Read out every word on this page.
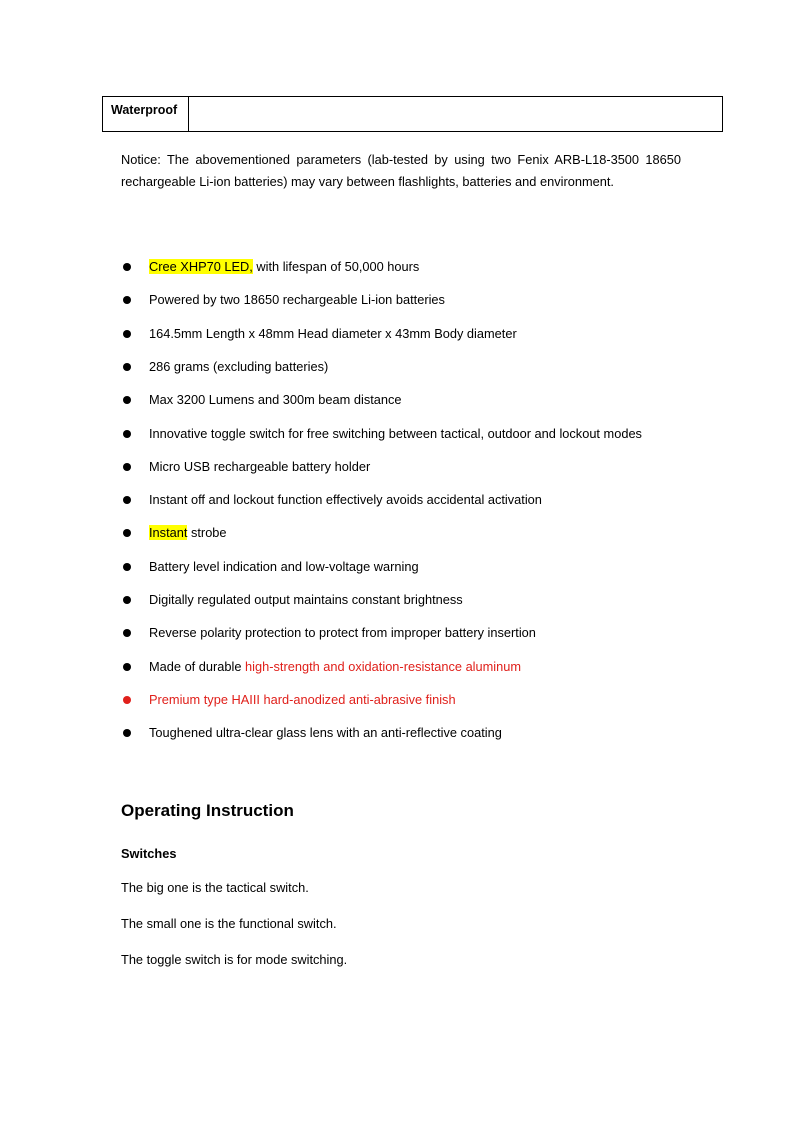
Waterproof

Notice: The abovementioned parameters (lab-tested by using two Fenix ARB-L18-3500 18650 rechargeable Li-ion batteries) may vary between flashlights, batteries and environment.

Cree XHP70 LED, with lifespan of 50,000 hours
Powered by two 18650 rechargeable Li-ion batteries
164.5mm Length x 48mm Head diameter x 43mm Body diameter
286 grams (excluding batteries)
Max 3200 Lumens and 300m beam distance
Innovative toggle switch for free switching between tactical, outdoor and lockout modes
Micro USB rechargeable battery holder
Instant off and lockout function effectively avoids accidental activation
Instant strobe
Battery level indication and low-voltage warning
Digitally regulated output maintains constant brightness
Reverse polarity protection to protect from improper battery insertion
Made of durable high-strength and oxidation-resistance aluminum
Premium type HAIII hard-anodized anti-abrasive finish
Toughened ultra-clear glass lens with an anti-reflective coating
Operating Instruction
Switches

The big one is the tactical switch.

The small one is the functional switch.

The toggle switch is for mode switching.
